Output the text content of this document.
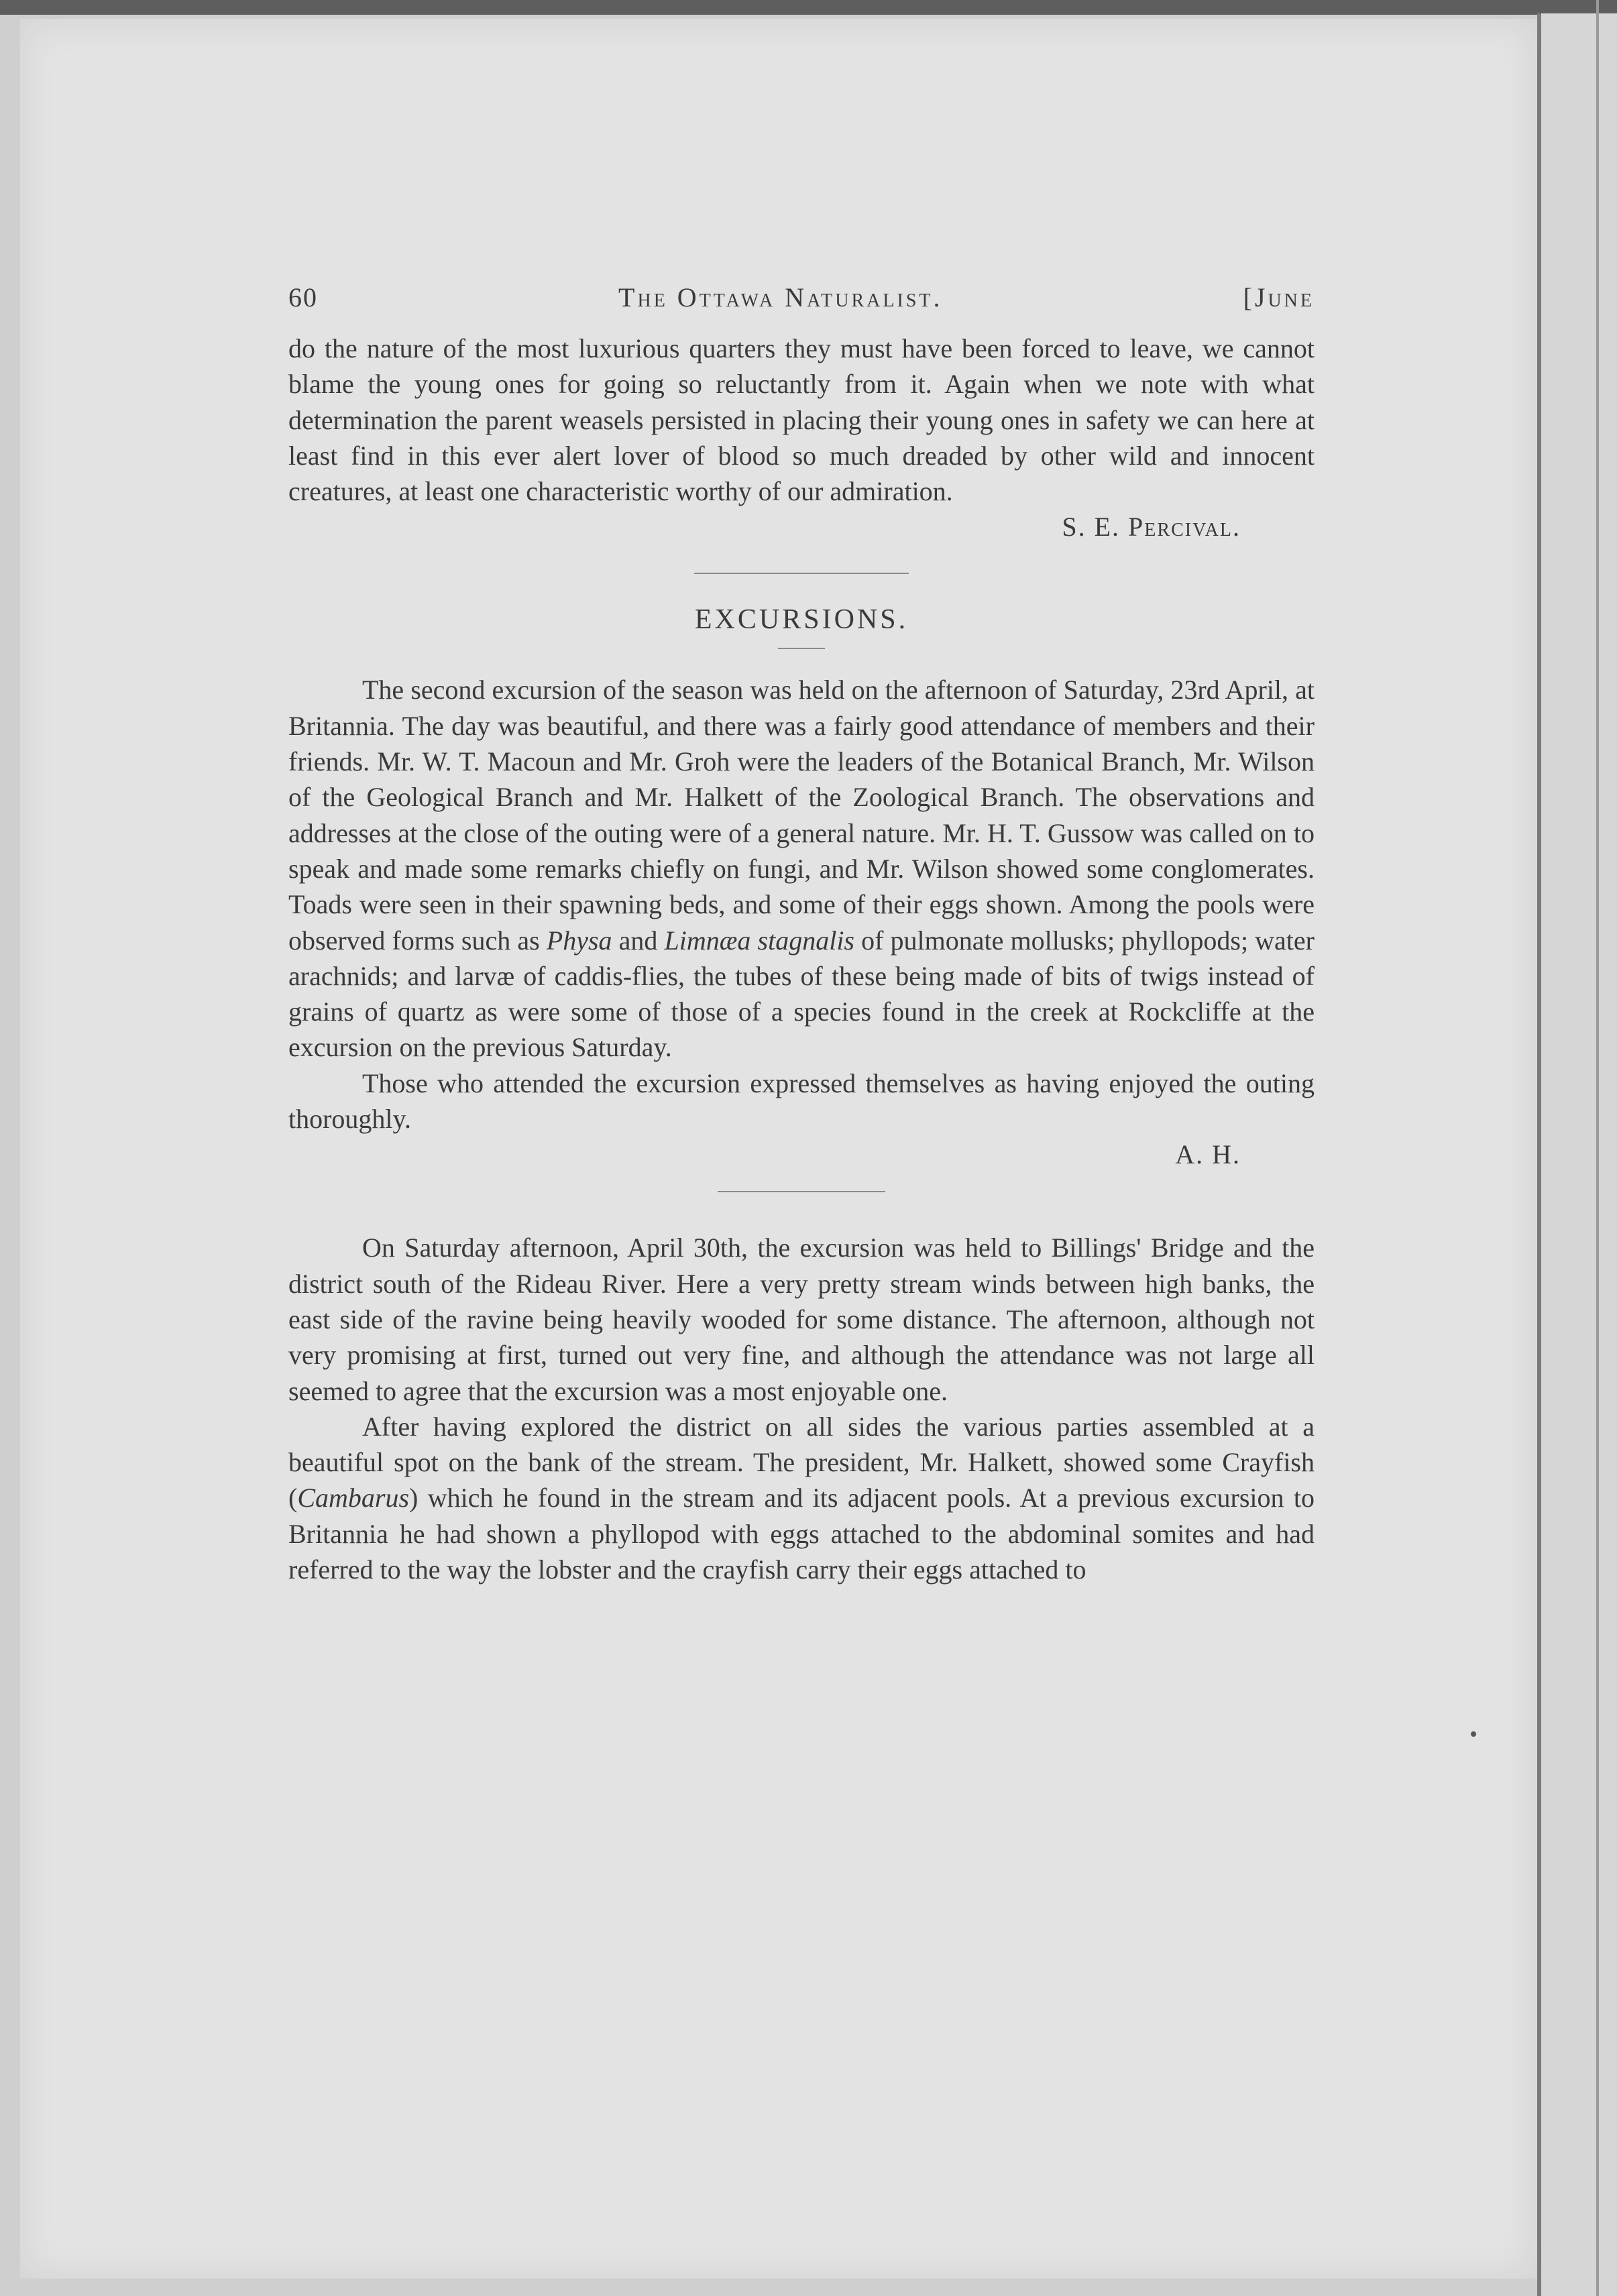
60	The Ottawa Naturalist.	[June

do the nature of the most luxurious quarters they must have been forced to leave, we cannot blame the young ones for going so reluctantly from it. Again when we note with what determination the parent weasels persisted in placing their young ones in safety we can here at least find in this ever alert lover of blood so much dreaded by other wild and innocent creatures, at least one characteristic worthy of our admiration.

S. E. Percival.
EXCURSIONS.

The second excursion of the season was held on the afternoon of Saturday, 23rd April, at Britannia. The day was beautiful, and there was a fairly good attendance of members and their friends. Mr. W. T. Macoun and Mr. Groh were the leaders of the Botanical Branch, Mr. Wilson of the Geological Branch and Mr. Halkett of the Zoological Branch. The observations and addresses at the close of the outing were of a general nature. Mr. H. T. Gussow was called on to speak and made some remarks chiefly on fungi, and Mr. Wilson showed some conglomerates. Toads were seen in their spawning beds, and some of their eggs shown. Among the pools were observed forms such as Physa and Limnæa stagnalis of pulmonate mollusks; phyllopods; water arachnids; and larvæ of caddis-flies, the tubes of these being made of bits of twigs instead of grains of quartz as were some of those of a species found in the creek at Rockcliffe at the excursion on the previous Saturday.

Those who attended the excursion expressed themselves as having enjoyed the outing thoroughly.

A. H.

On Saturday afternoon, April 30th, the excursion was held to Billings' Bridge and the district south of the Rideau River. Here a very pretty stream winds between high banks, the east side of the ravine being heavily wooded for some distance. The afternoon, although not very promising at first, turned out very fine, and although the attendance was not large all seemed to agree that the excursion was a most enjoyable one.

After having explored the district on all sides the various parties assembled at a beautiful spot on the bank of the stream. The president, Mr. Halkett, showed some Crayfish (Cambarus) which he found in the stream and its adjacent pools. At a previous excursion to Britannia he had shown a phyllopod with eggs attached to the abdominal somites and had referred to the way the lobster and the crayfish carry their eggs attached to
